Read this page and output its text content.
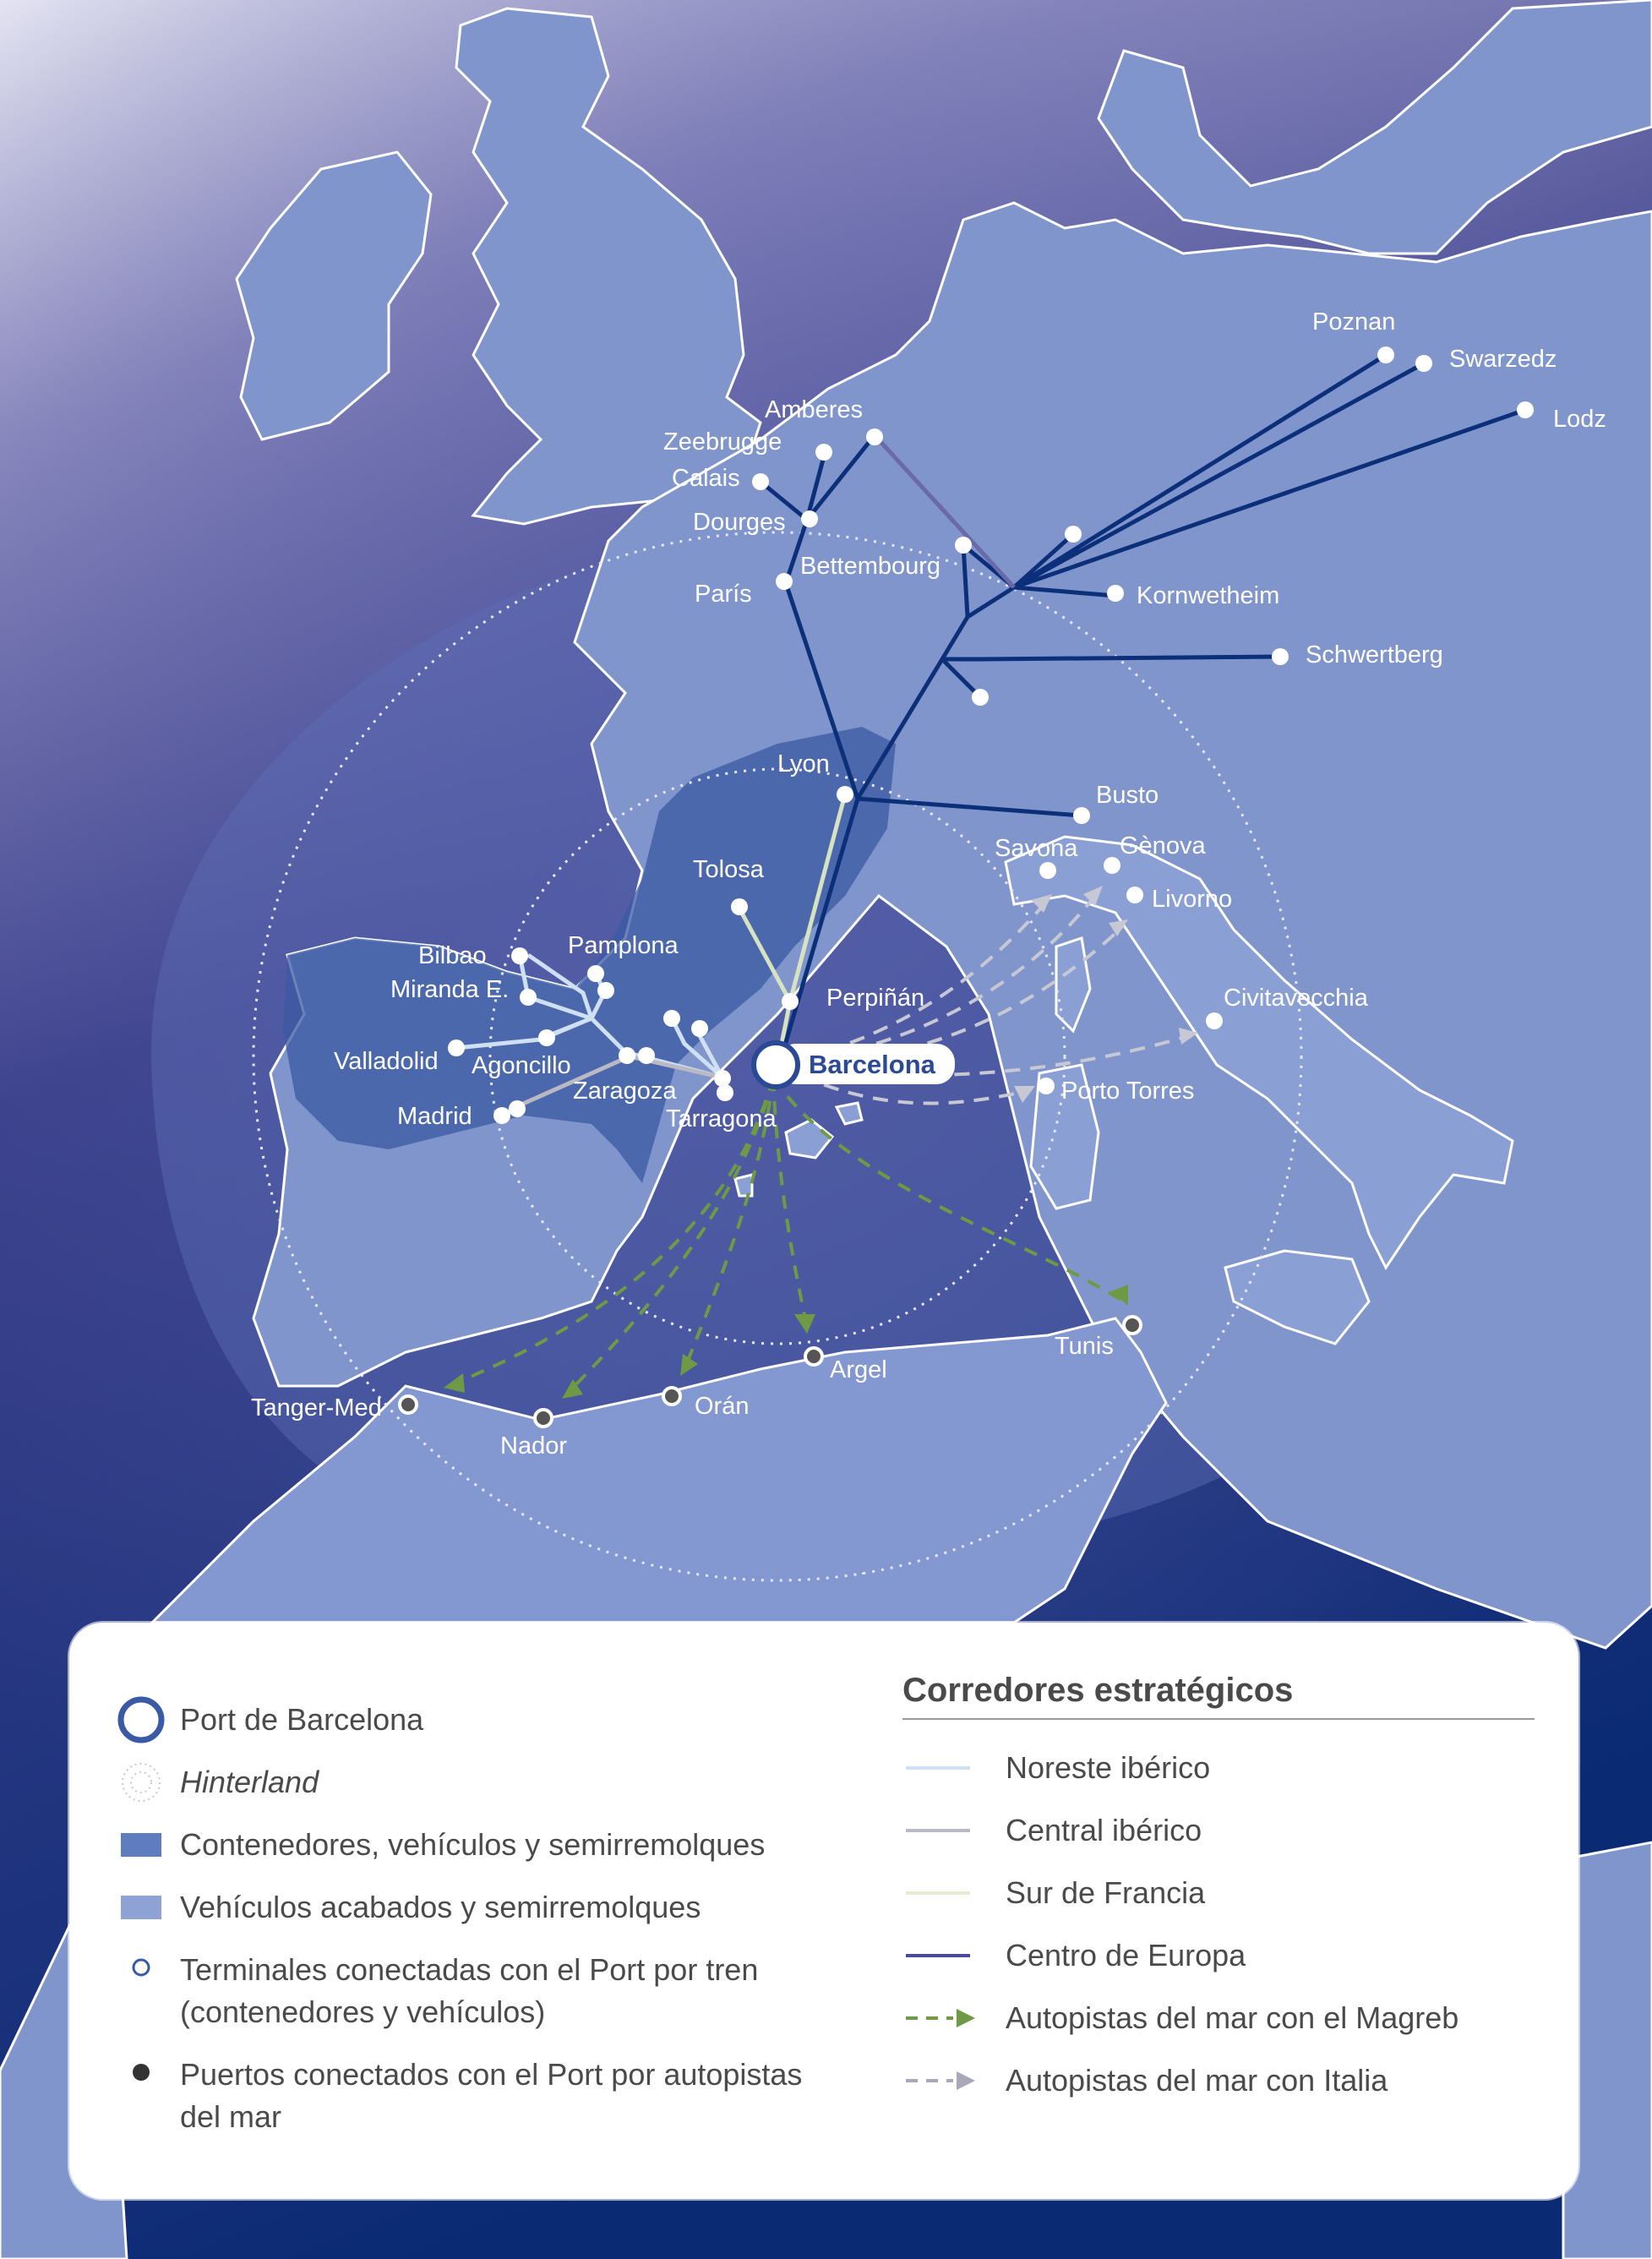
Poznan
Swarzedz
Lodz
Amberes
Zeebrugge
Calais
Dourges
Bettembourg
París	Kornwetheim
Schwertberg
Lyon
Busto
Savona Gènova
Livorno
Civitavecchia
Porto Torres
Tolosa
Pamplona
Bilbao
Miranda E.
Valladolid Agoncillo
Madrid
Zaragoza
Tarragona
Perpiñán
Barcelona
Tunis
Argel
Orán
Nador
Tanger-Med
Port de Barcelona
Hinterland
Contenedores, vehículos y semirremolques
Vehículos acabados y semirremolques
Terminales conectadas con el Port por tren (contenedores y vehículos)
Puertos conectados con el Port por autopistas del mar
Corredores estratégicos
Noreste ibérico
Central ibérico
Sur de Francia
Centro de Europa
Autopistas del mar con el Magreb
Autopistas del mar con Italia
